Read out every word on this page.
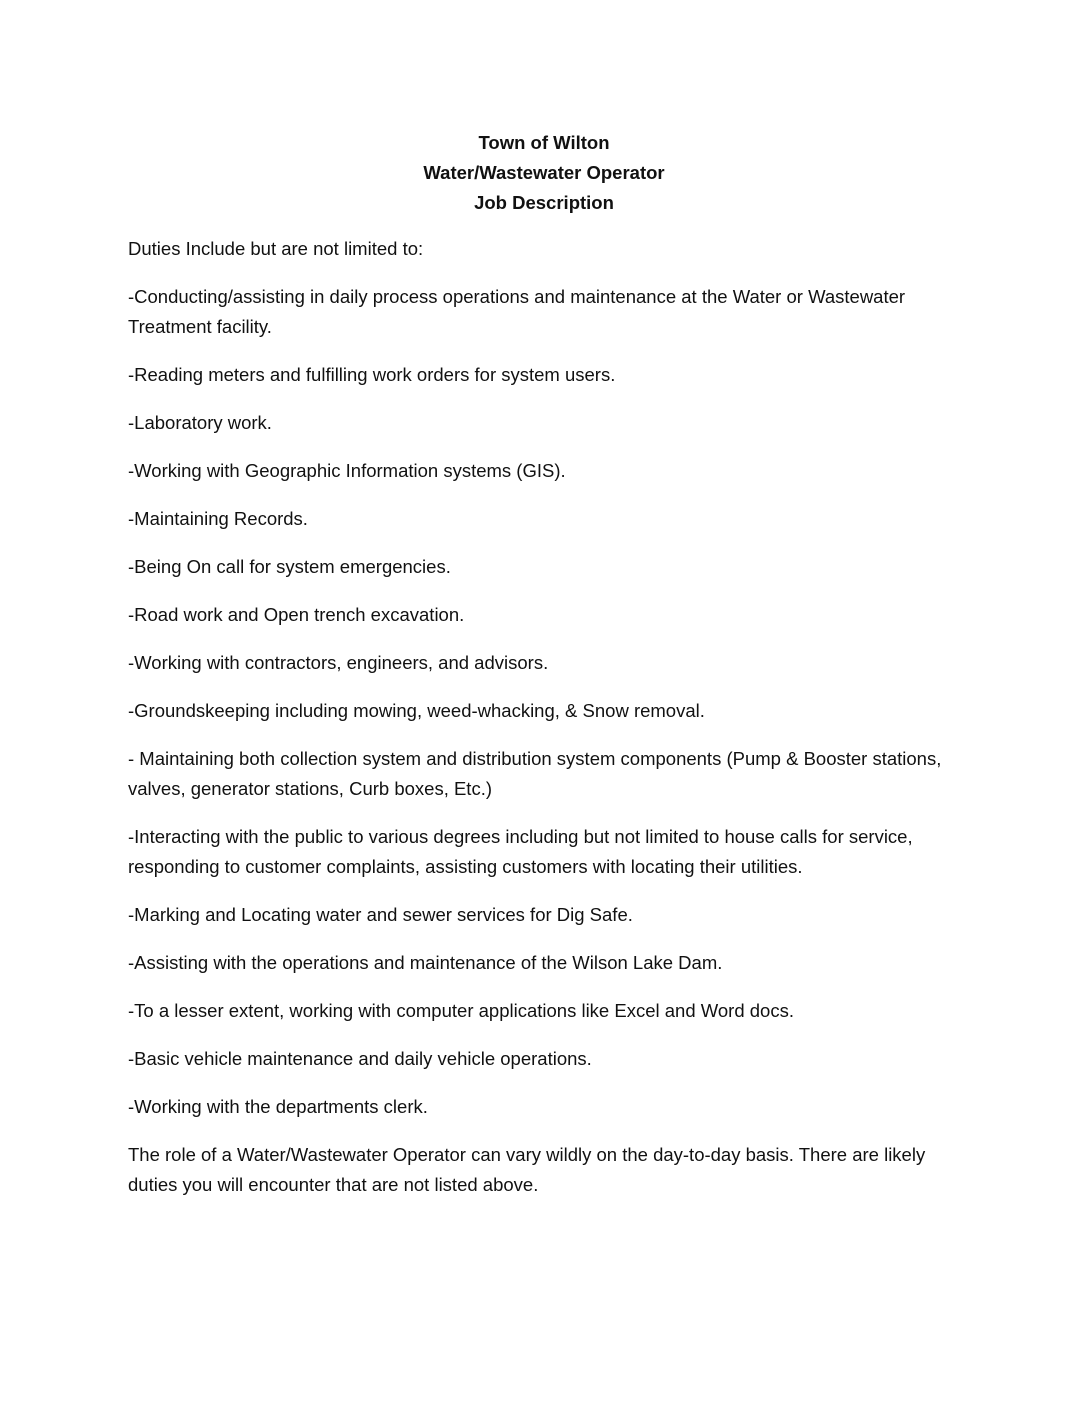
Town of Wilton

Water/Wastewater Operator

Job Description

Duties Include but are not limited to:

-Conducting/assisting in daily process operations and maintenance at the Water or Wastewater Treatment facility.

-Reading meters and fulfilling work orders for system users.

-Laboratory work.

-Working with Geographic Information systems (GIS).

-Maintaining Records.

-Being On call for system emergencies.

-Road work and Open trench excavation.

-Working with contractors, engineers, and advisors.

-Groundskeeping including mowing, weed-whacking, & Snow removal.

- Maintaining both collection system and distribution system components (Pump & Booster stations, valves, generator stations, Curb boxes, Etc.)

-Interacting with the public to various degrees including but not limited to house calls for service, responding to customer complaints, assisting customers with locating their utilities.

-Marking and Locating water and sewer services for Dig Safe.

-Assisting with the operations and maintenance of the Wilson Lake Dam.

-To a lesser extent, working with computer applications like Excel and Word docs.

-Basic vehicle maintenance and daily vehicle operations.

-Working with the departments clerk.

The role of a Water/Wastewater Operator can vary wildly on the day-to-day basis. There are likely duties you will encounter that are not listed above.
